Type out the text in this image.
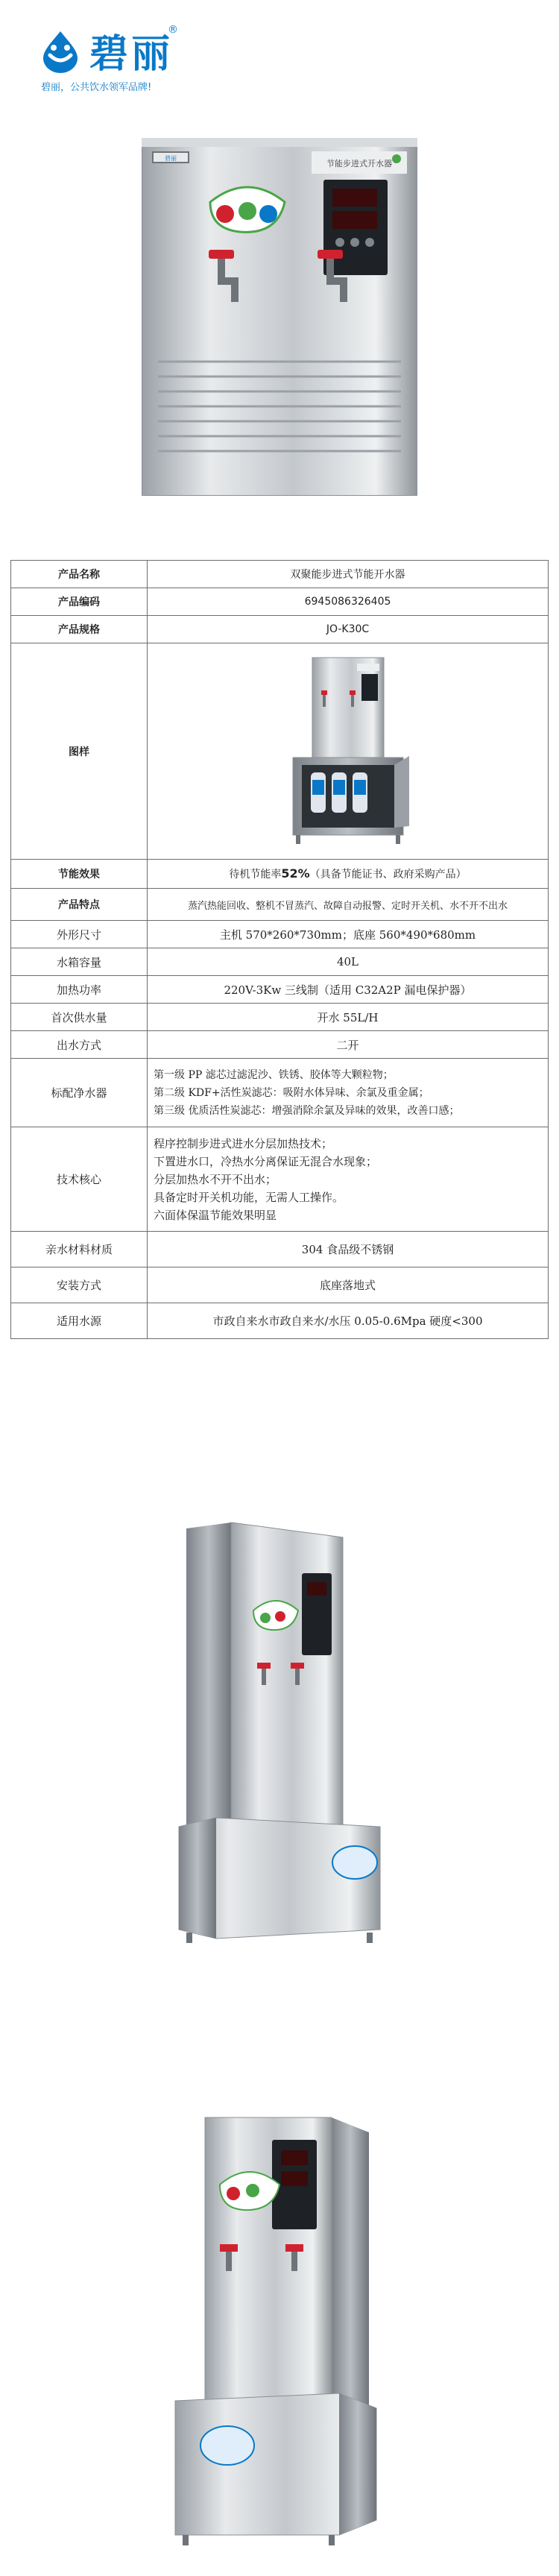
碧丽
®
碧丽，公共饮水领军品牌!
碧丽
节能步进式开水器
产品名称	双聚能步进式节能开水器
产品编码	6945086326405
产品规格	JO-K30C
图样	
节能效果	待机节能率52%（具备节能证书、政府采购产品）
产品特点	蒸汽热能回收、整机不冒蒸汽、故障自动报警、定时开关机、水不开不出水
外形尺寸	主机 570*260*730mm；底座 560*490*680mm
水箱容量	40L
加热功率	220V-3Kw 三线制（适用 C32A2P 漏电保护器）
首次供水量	开水 55L/H
出水方式	二开
标配净水器	第一级 PP 滤芯过滤泥沙、铁锈、胶体等大颗粒物；
第二级 KDF+活性炭滤芯：吸附水体异味、余氯及重金属；
第三级 优质活性炭滤芯：增强消除余氯及异味的效果，改善口感；

技术核心	程序控制步进式进水分层加热技术；
下置进水口，冷热水分离保证无混合水现象；
分层加热水不开不出水；
具备定时开关机功能，无需人工操作。
六面体保温节能效果明显

亲水材料材质	304 食品级不锈钢
安装方式	底座落地式
适用水源	市政自来水市政自来水/水压 0.05-0.6Mpa 硬度<300
